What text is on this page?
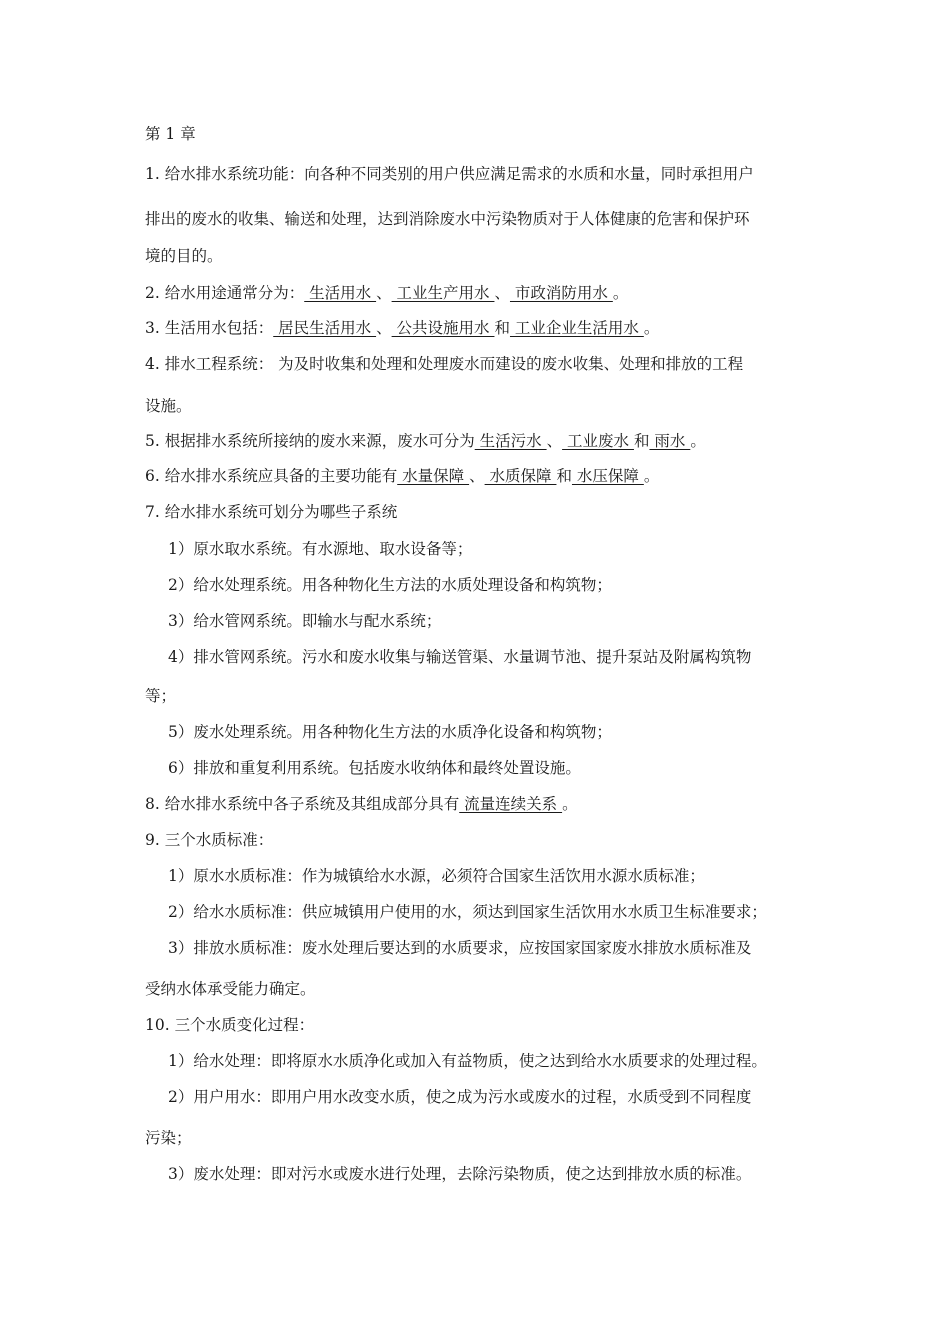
第 1 章
1. 给水排水系统功能：向各种不同类别的用户供应满足需求的水质和水量，同时承担用户
排出的废水的收集、输送和处理，达到消除废水中污染物质对于人体健康的危害和保护环
境的目的。
2. 给水用途通常分为： 生活用水 、 工业生产用水 、 市政消防用水 。
3. 生活用水包括： 居民生活用水 、 公共设施用水 和 工业企业生活用水 。
4. 排水工程系统： 为及时收集和处理和处理废水而建设的废水收集、处理和排放的工程
设施。
5. 根据排水系统所接纳的废水来源，废水可分为 生活污水 、 工业废水 和 雨水 。
6. 给水排水系统应具备的主要功能有 水量保障 、 水质保障 和 水压保障 。
7. 给水排水系统可划分为哪些子系统
1）原水取水系统。有水源地、取水设备等；
2）给水处理系统。用各种物化生方法的水质处理设备和构筑物；
3）给水管网系统。即输水与配水系统；
4）排水管网系统。污水和废水收集与输送管渠、水量调节池、提升泵站及附属构筑物
等；
5）废水处理系统。用各种物化生方法的水质净化设备和构筑物；
6）排放和重复利用系统。包括废水收纳体和最终处置设施。
8. 给水排水系统中各子系统及其组成部分具有 流量连续关系 。
9. 三个水质标准：
1）原水水质标准：作为城镇给水水源，必须符合国家生活饮用水源水质标准；
2）给水水质标准：供应城镇用户使用的水，须达到国家生活饮用水水质卫生标准要求；
3）排放水质标准：废水处理后要达到的水质要求，应按国家国家废水排放水质标准及
受纳水体承受能力确定。
10. 三个水质变化过程：
1）给水处理：即将原水水质净化或加入有益物质，使之达到给水水质要求的处理过程。
2）用户用水：即用户用水改变水质，使之成为污水或废水的过程，水质受到不同程度
污染；
3）废水处理：即对污水或废水进行处理，去除污染物质，使之达到排放水质的标准。
